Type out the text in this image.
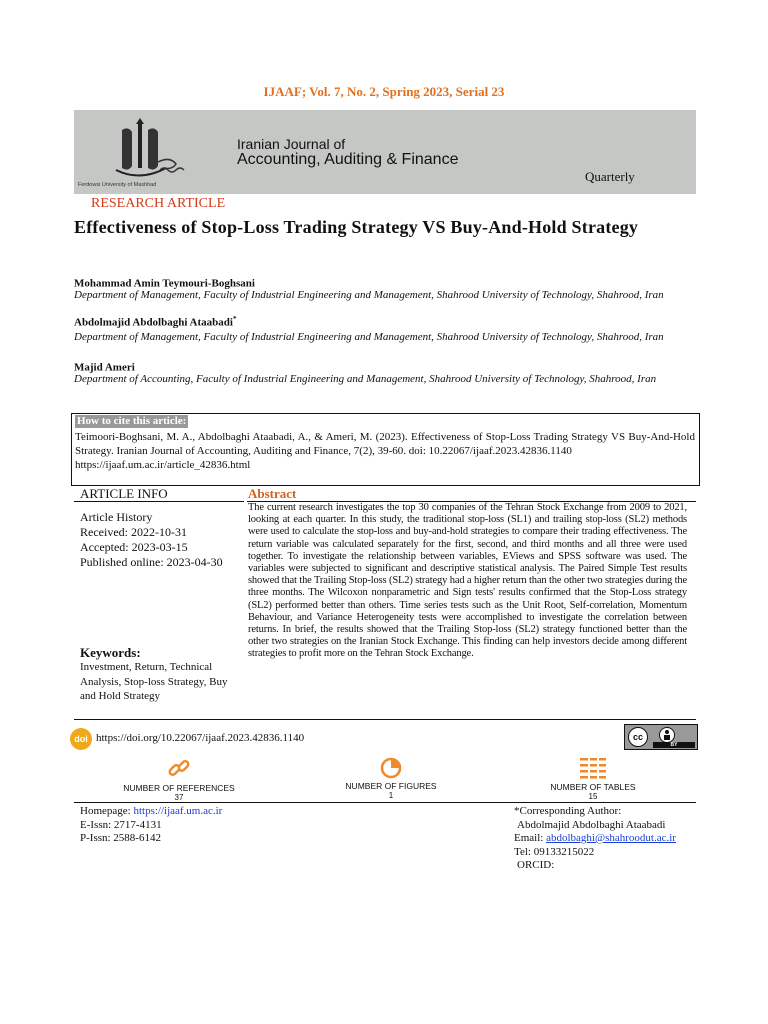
IJAAF; Vol. 7, No. 2, Spring 2023, Serial 23
Ferdowsi University of Mashhad
Iranian Journal of
Accounting, Auditing & Finance
Quarterly
RESEARCH ARTICLE
Effectiveness of Stop-Loss Trading Strategy VS Buy-And-Hold Strategy
Mohammad Amin Teymouri-Boghsani
Department of Management, Faculty of Industrial Engineering and Management, Shahrood University of Technology, Shahrood, Iran
Abdolmajid Abdolbaghi Ataabadi*
Department of Management, Faculty of Industrial Engineering and Management, Shahrood University of Technology, Shahrood, Iran
Majid Ameri
Department of Accounting, Faculty of Industrial Engineering and Management, Shahrood University of Technology, Shahrood, Iran
How to cite this article:
Teimoori-Boghsani, M. A., Abdolbaghi Ataabadi, A., & Ameri, M. (2023). Effectiveness of Stop-Loss Trading Strategy VS Buy-And-Hold Strategy. Iranian Journal of Accounting, Auditing and Finance, 7(2), 39-60. doi: 10.22067/ijaaf.2023.42836.1140
https://ijaaf.um.ac.ir/article_42836.html
ARTICLE INFO	Abstract
Article History
Received: 2022-10-31
Accepted: 2023-03-15
Published online: 2023-04-30
Keywords:
Investment, Return, Technical Analysis, Stop-loss Strategy, Buy and Hold Strategy
The current research investigates the top 30 companies of the Tehran Stock Exchange from 2009 to 2021, looking at each quarter. In this study, the traditional stop-loss (SL1) and trailing stop-loss (SL2) methods were used to calculate the stop-loss and buy-and-hold strategies to compare their trading effectiveness. The return variable was calculated separately for the first, second, and third months and all three were used together. To investigate the relationship between variables, EViews and SPSS software was used. The variables were subjected to significant and descriptive statistical analysis. The Paired Simple Test results showed that the Trailing Stop-loss (SL2) strategy had a higher return than the other two strategies during the three months. The Wilcoxon nonparametric and Sign tests' results confirmed that the Stop-Loss strategy (SL2) performed better than others. Time series tests such as the Unit Root, Self-correlation, Momentum Behaviour, and Variance Heterogeneity tests were accomplished to investigate the correlation between returns. In brief, the results showed that the Trailing Stop-loss (SL2) strategy functioned better than the other two strategies on the Iranian Stock Exchange. This finding can help investors decide among different strategies to profit more on the Tehran Stock Exchange.
doi https://doi.org/10.22067/ijaaf.2023.42836.1140	cc
BY
NUMBER OF REFERENCES
37
NUMBER OF FIGURES
1
NUMBER OF TABLES
15
Homepage: https://ijaaf.um.ac.ir
E-Issn: 2717-4131
P-Issn: 2588-6142
*Corresponding Author:
Abdolmajid Abdolbaghi Ataabadi
Email: abdolbaghi@shahroodut.ac.ir
Tel: 09133215022
ORCID:
